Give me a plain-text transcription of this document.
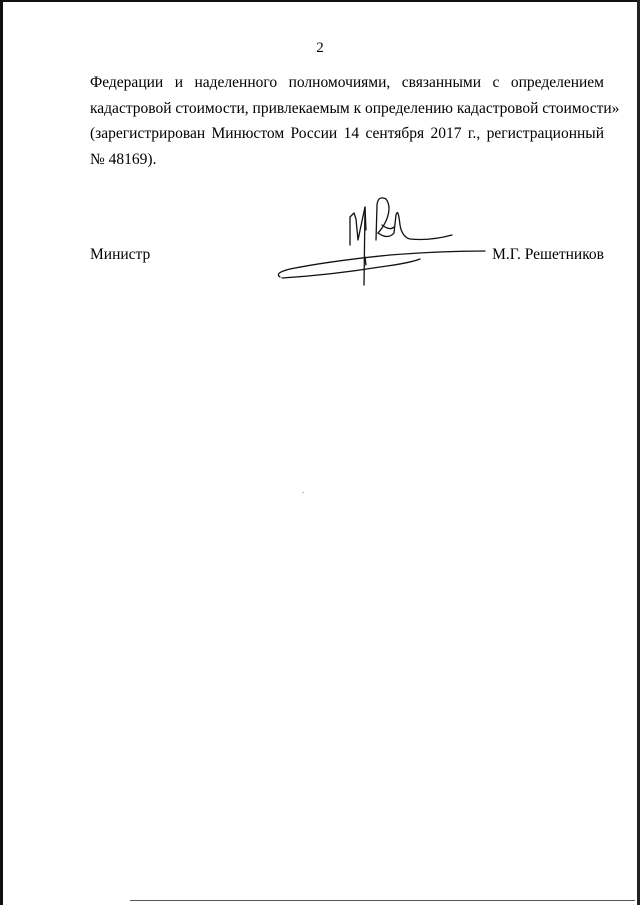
2
Федерации и наделенного полномочиями, связанными с определением
кадастровой стоимости, привлекаемым к определению кадастровой стоимости»
(зарегистрирован Минюстом России 14 сентября 2017 г., регистрационный
№ 48169).
Министр	М.Г. Решетников
